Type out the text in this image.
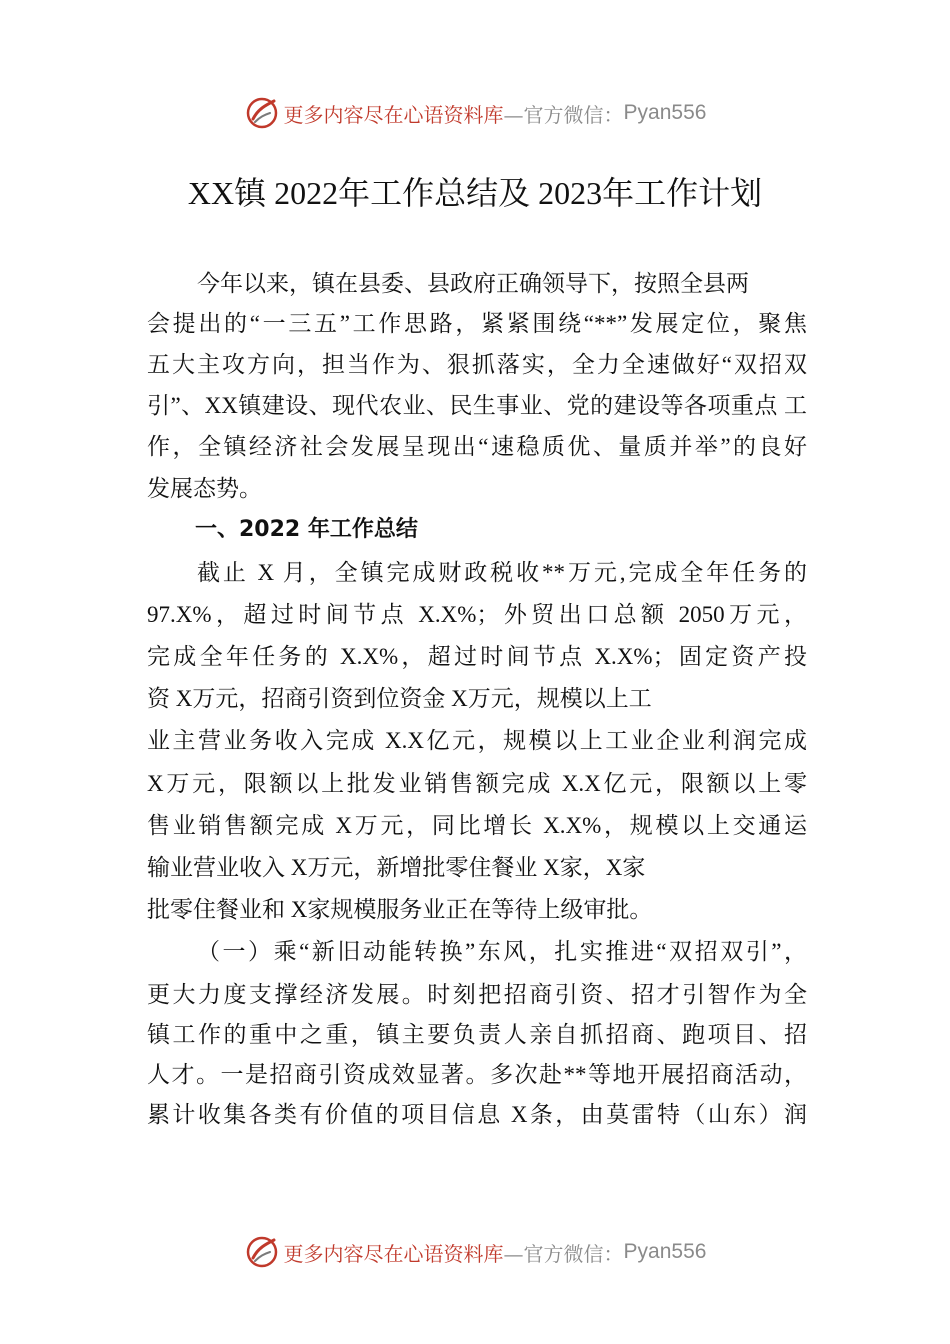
更多内容尽在心语资料库 —官方微信： Pyan556
XX镇 2022年工作总结及 2023年工作计划
今年以来，镇在县委、县政府正确领导下，按照全县两
会提出的“一三五”工作思路，紧紧围绕“**”发展定位，聚焦
五大主攻方向，担当作为、狠抓落实，全力全速做好“双招双
引”、XX镇建设、现代农业、民生事业、党的建设等各项重点 工
作，全镇经济社会发展呈现出“速稳质优、量质并举”的良好
发展态势。
一、2022 年工作总结
截止 X 月，全镇完成财政税收**万元,完成全年任务的
97.X%，超过时间节点 X.X%；外贸出口总额 2050万元，
完成全年任务的 X.X%，超过时间节点 X.X%；固定资产投
资 X万元，招商引资到位资金 X万元，规模以上工
业主营业务收入完成 X.X亿元，规模以上工业企业利润完成
X万元，限额以上批发业销售额完成 X.X亿元，限额以上零
售业销售额完成 X万元，同比增长 X.X%，规模以上交通运
输业营业收入 X万元，新增批零住餐业 X家，X家
批零住餐业和 X家规模服务业正在等待上级审批。
（一）乘“新旧动能转换”东风，扎实推进“双招双引”，
更大力度支撑经济发展。时刻把招商引资、招才引智作为全
镇工作的重中之重，镇主要负责人亲自抓招商、跑项目、招
人才。一是招商引资成效显著。多次赴**等地开展招商活动，
累计收集各类有价值的项目信息 X条，由莫雷特（山东）润
更多内容尽在心语资料库 —官方微信： Pyan556
